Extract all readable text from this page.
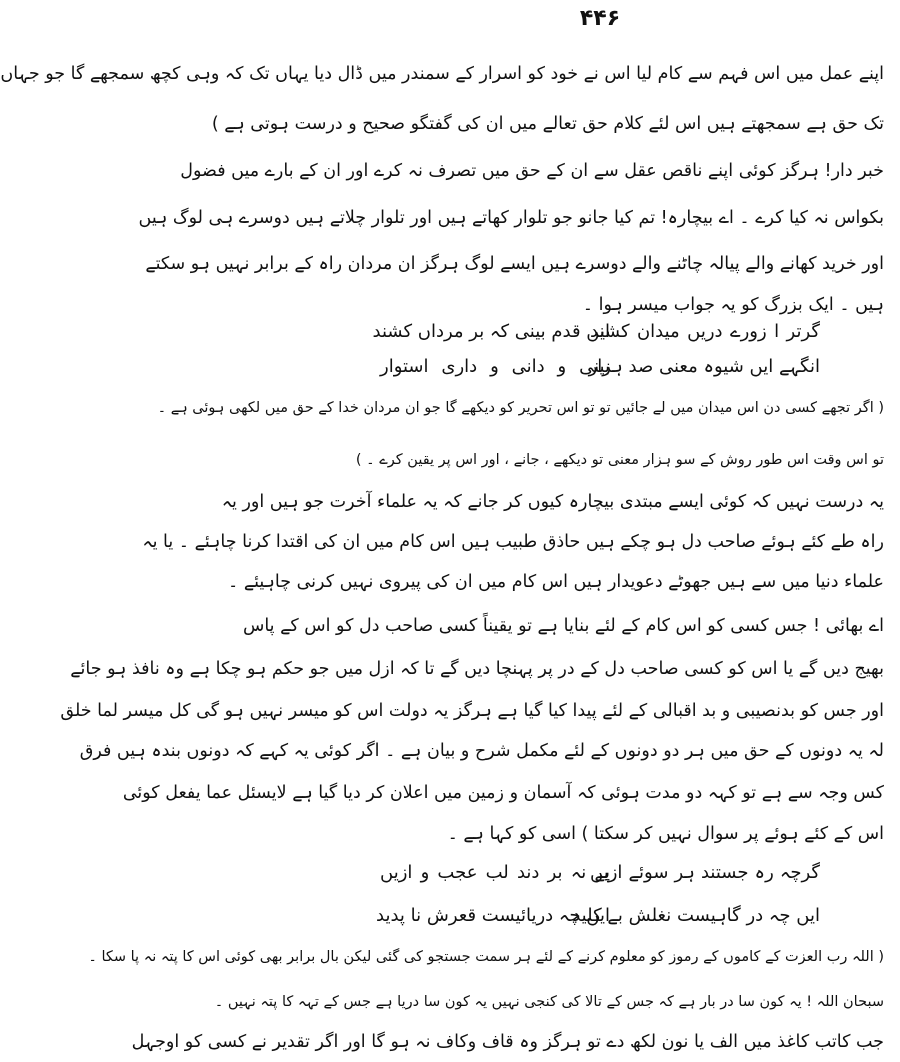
۴۴۶
اپنے عمل میں اس فہم سے کام لیا اس نے خود کو اسرار کے سمندر میں ڈال دیا یہاں تک کہ وہی کچھ سمجھے گا جو جہاں
تک حق ہے سمجھتے ہیں اس لئے کلام حق تعالے میں ان کی گفتگو صحیح و درست ہوتی ہے )
خبر دار! ہرگز کوئی اپنے ناقص عقل سے ان کے حق میں تصرف نہ کرے اور ان کے بارے میں فضول
بکواس نہ کیا کرے ۔ اے بیچارہ! تم کیا جانو جو تلوار کھاتے ہیں اور تلوار چلاتے ہیں دوسرے ہی لوگ ہیں
اور خرید کھانے والے پیالہ چاٹنے والے دوسرے ہیں ایسے لوگ ہرگز ان مردان راہ کے برابر نہیں ہو سکتے
ہیں ۔ ایک بزرگ کو یہ جواب میسر ہوا ۔
گرتر ا زورے دریں میدان کشند
ایں قدم بینی کہ بر مرداں کشند
انگہے ایں شیوہ معنی صد ہزار
بینی و دانی و داری استوار
( اگر تجھے کسی دن اس میدان میں لے جائیں تو تو اس تحریر کو دیکھے گا جو ان مردان خدا کے حق میں لکھی ہوئی ہے ۔
تو اس وقت اس طور روش کے سو ہزار معنی تو دیکھے ، جانے ، اور اس پر یقین کرے ۔ )
یہ درست نہیں کہ کوئی ایسے مبتدی بیچارہ کیوں کر جانے کہ یہ علماء آخرت جو ہیں اور یہ
راہ طے کئے ہوئے صاحب دل ہو چکے ہیں حاذق طبیب ہیں اس کام میں ان کی اقتدا کرنا چاہئے ۔ یا یہ
علماء دنیا میں سے ہیں جھوٹے دعویدار ہیں اس کام میں ان کی پیروی نہیں کرنی چاہیئے ۔
اے بھائی ! جس کسی کو اس کام کے لئے بنایا ہے تو یقیناً کسی صاحب دل کو اس کے پاس
بھیج دیں گے یا اس کو کسی صاحب دل کے در پر پہنچا دیں گے تا کہ ازل میں جو حکم ہو چکا ہے وہ نافذ ہو جائے
اور جس کو بدنصیبی و بد اقبالی کے لئے پیدا کیا گیا ہے ہرگز یہ دولت اس کو میسر نہیں ہو گی کل میسر لما خلق
لہ یہ دونوں کے حق میں ہر دو دونوں کے لئے مکمل شرح و بیان ہے ۔ اگر کوئی یہ کہے کہ دونوں بندہ ہیں فرق
کس وجہ سے ہے تو کہہ دو مدت ہوئی کہ آسمان و زمین میں اعلان کر دیا گیا ہے لایسئل عما یفعل کوئی
اس کے کئے ہوئے پر سوال نہیں کر سکتا ) اسی کو کہا ہے ۔
گرچہ رہ جستند ہر سوئے ازیں
پے نہ بر دند لب عجب و ازیں
ایں چہ در گاہیست نغلش بے کلید
ایں چہ دریائیست قعرش نا پدید
( اللہ رب العزت کے کاموں کے رموز کو معلوم کرنے کے لئے ہر سمت جستجو کی گئی لیکن بال برابر بھی کوئی اس کا پتہ نہ پا سکا ۔
سبحان اللہ ! یہ کون سا در بار ہے کہ جس کے تالا کی کنجی نہیں یہ کون سا دریا ہے جس کے تہہ کا پتہ نہیں ۔
جب کاتب کاغذ میں الف یا نون لکھ دے تو ہرگز وہ قاف وکاف نہ ہو گا اور اگر تقدیر نے کسی کو اوجہل
